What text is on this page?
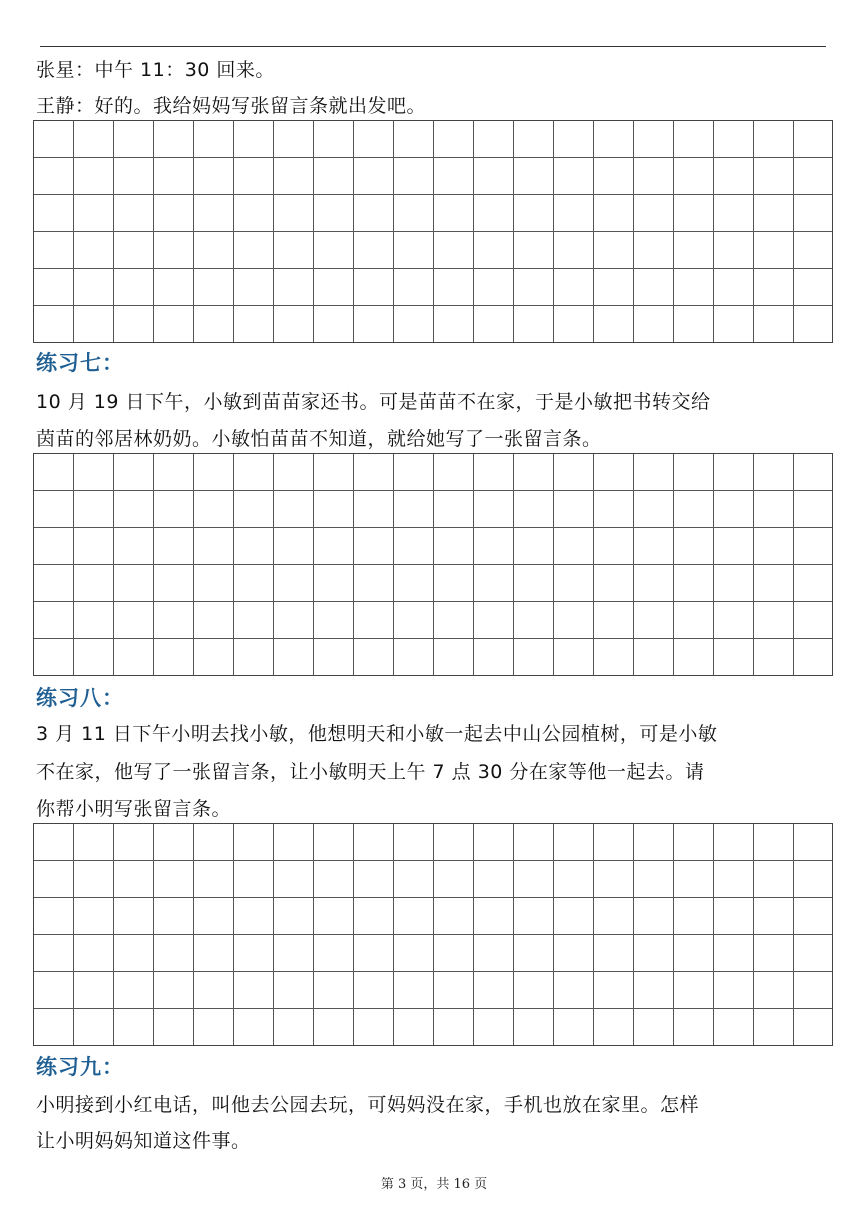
张星：中午 11：30 回来。
王静：好的。我给妈妈写张留言条就出发吧。
练习七：
10 月 19 日下午，小敏到苗苗家还书。可是苗苗不在家，于是小敏把书转交给
茵苗的邻居林奶奶。小敏怕苗苗不知道，就给她写了一张留言条。
练习八：
3 月 11 日下午小明去找小敏，他想明天和小敏一起去中山公园植树，可是小敏
不在家，他写了一张留言条，让小敏明天上午 7 点 30 分在家等他一起去。请
你帮小明写张留言条。
练习九：
小明接到小红电话，叫他去公园去玩，可妈妈没在家，手机也放在家里。怎样
让小明妈妈知道这件事。
第 3 页，共 16 页
